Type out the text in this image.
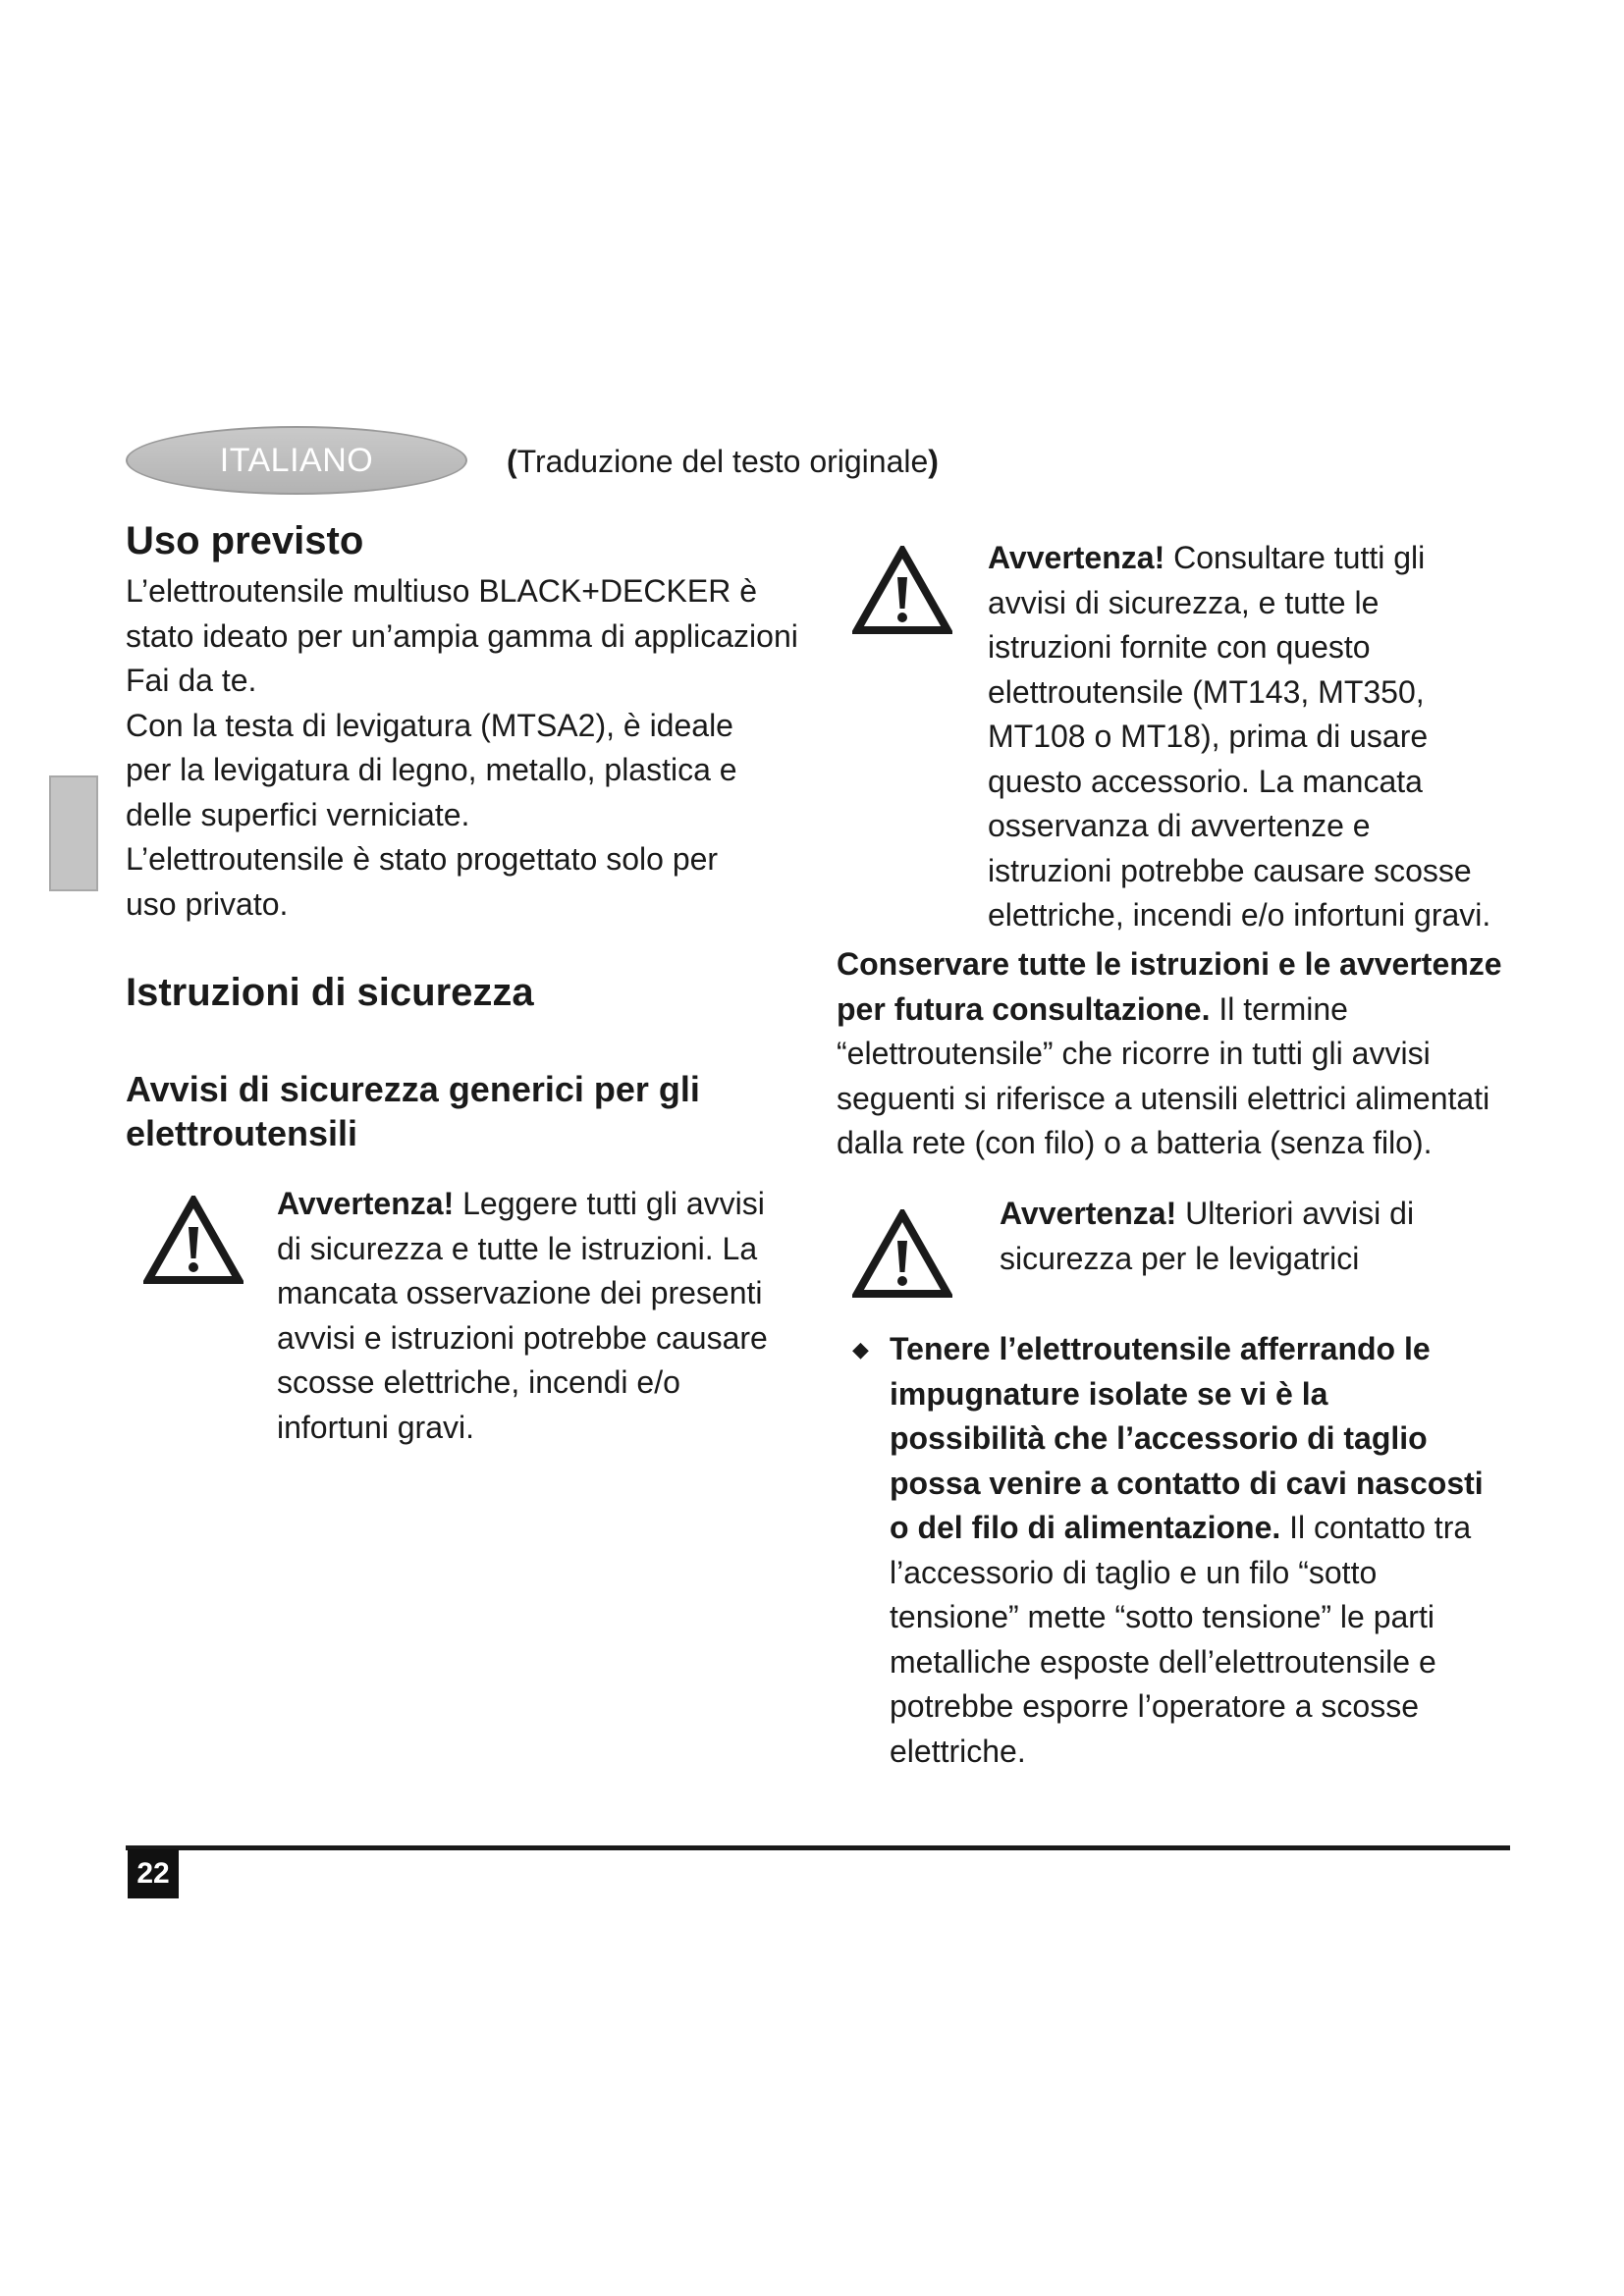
ITALIANO	(Traduzione del testo originale)
Uso previsto

L’elettroutensile multiuso BLACK+DECKER è stato ideato per un’ampia gamma di applicazioni Fai da te.

Con la testa di levigatura (MTSA2), è ideale per la levigatura di legno, metallo, plastica e delle superfici verniciate.

L’elettroutensile è stato progettato solo per uso privato.

Istruzioni di sicurezza
Avvisi di sicurezza generici per gli elettroutensili
Avvertenza! Leggere tutti gli avvisi di sicurezza e tutte le istruzioni. La mancata osservazione dei presenti avvisi e istruzioni potrebbe causare scosse elettriche, incendi e/o infortuni gravi.
Avvertenza! Consultare tutti gli avvisi di sicurezza, e tutte le istruzioni fornite con questo elettroutensile (MT143, MT350, MT108 o MT18), prima di usare questo accessorio. La mancata osservanza di avvertenze e istruzioni potrebbe causare scosse elettriche, incendi e/o infortuni gravi.
Conservare tutte le istruzioni e le avvertenze per futura consultazione. Il termine “elettroutensile” che ricorre in tutti gli avvisi seguenti si riferisce a utensili elettrici alimentati dalla rete (con filo) o a batteria (senza filo).
Avvertenza! Ulteriori avvisi di sicurezza per le levigatrici
◆ Tenere l’elettroutensile afferrando le impugnature isolate se vi è la possibilità che l’accessorio di taglio possa venire a contatto di cavi nascosti o del filo di alimentazione. Il contatto tra l’accessorio di taglio e un filo “sotto tensione” mette “sotto tensione” le parti metalliche esposte dell’elettroutensile e potrebbe esporre l’operatore a scosse elettriche.
22
